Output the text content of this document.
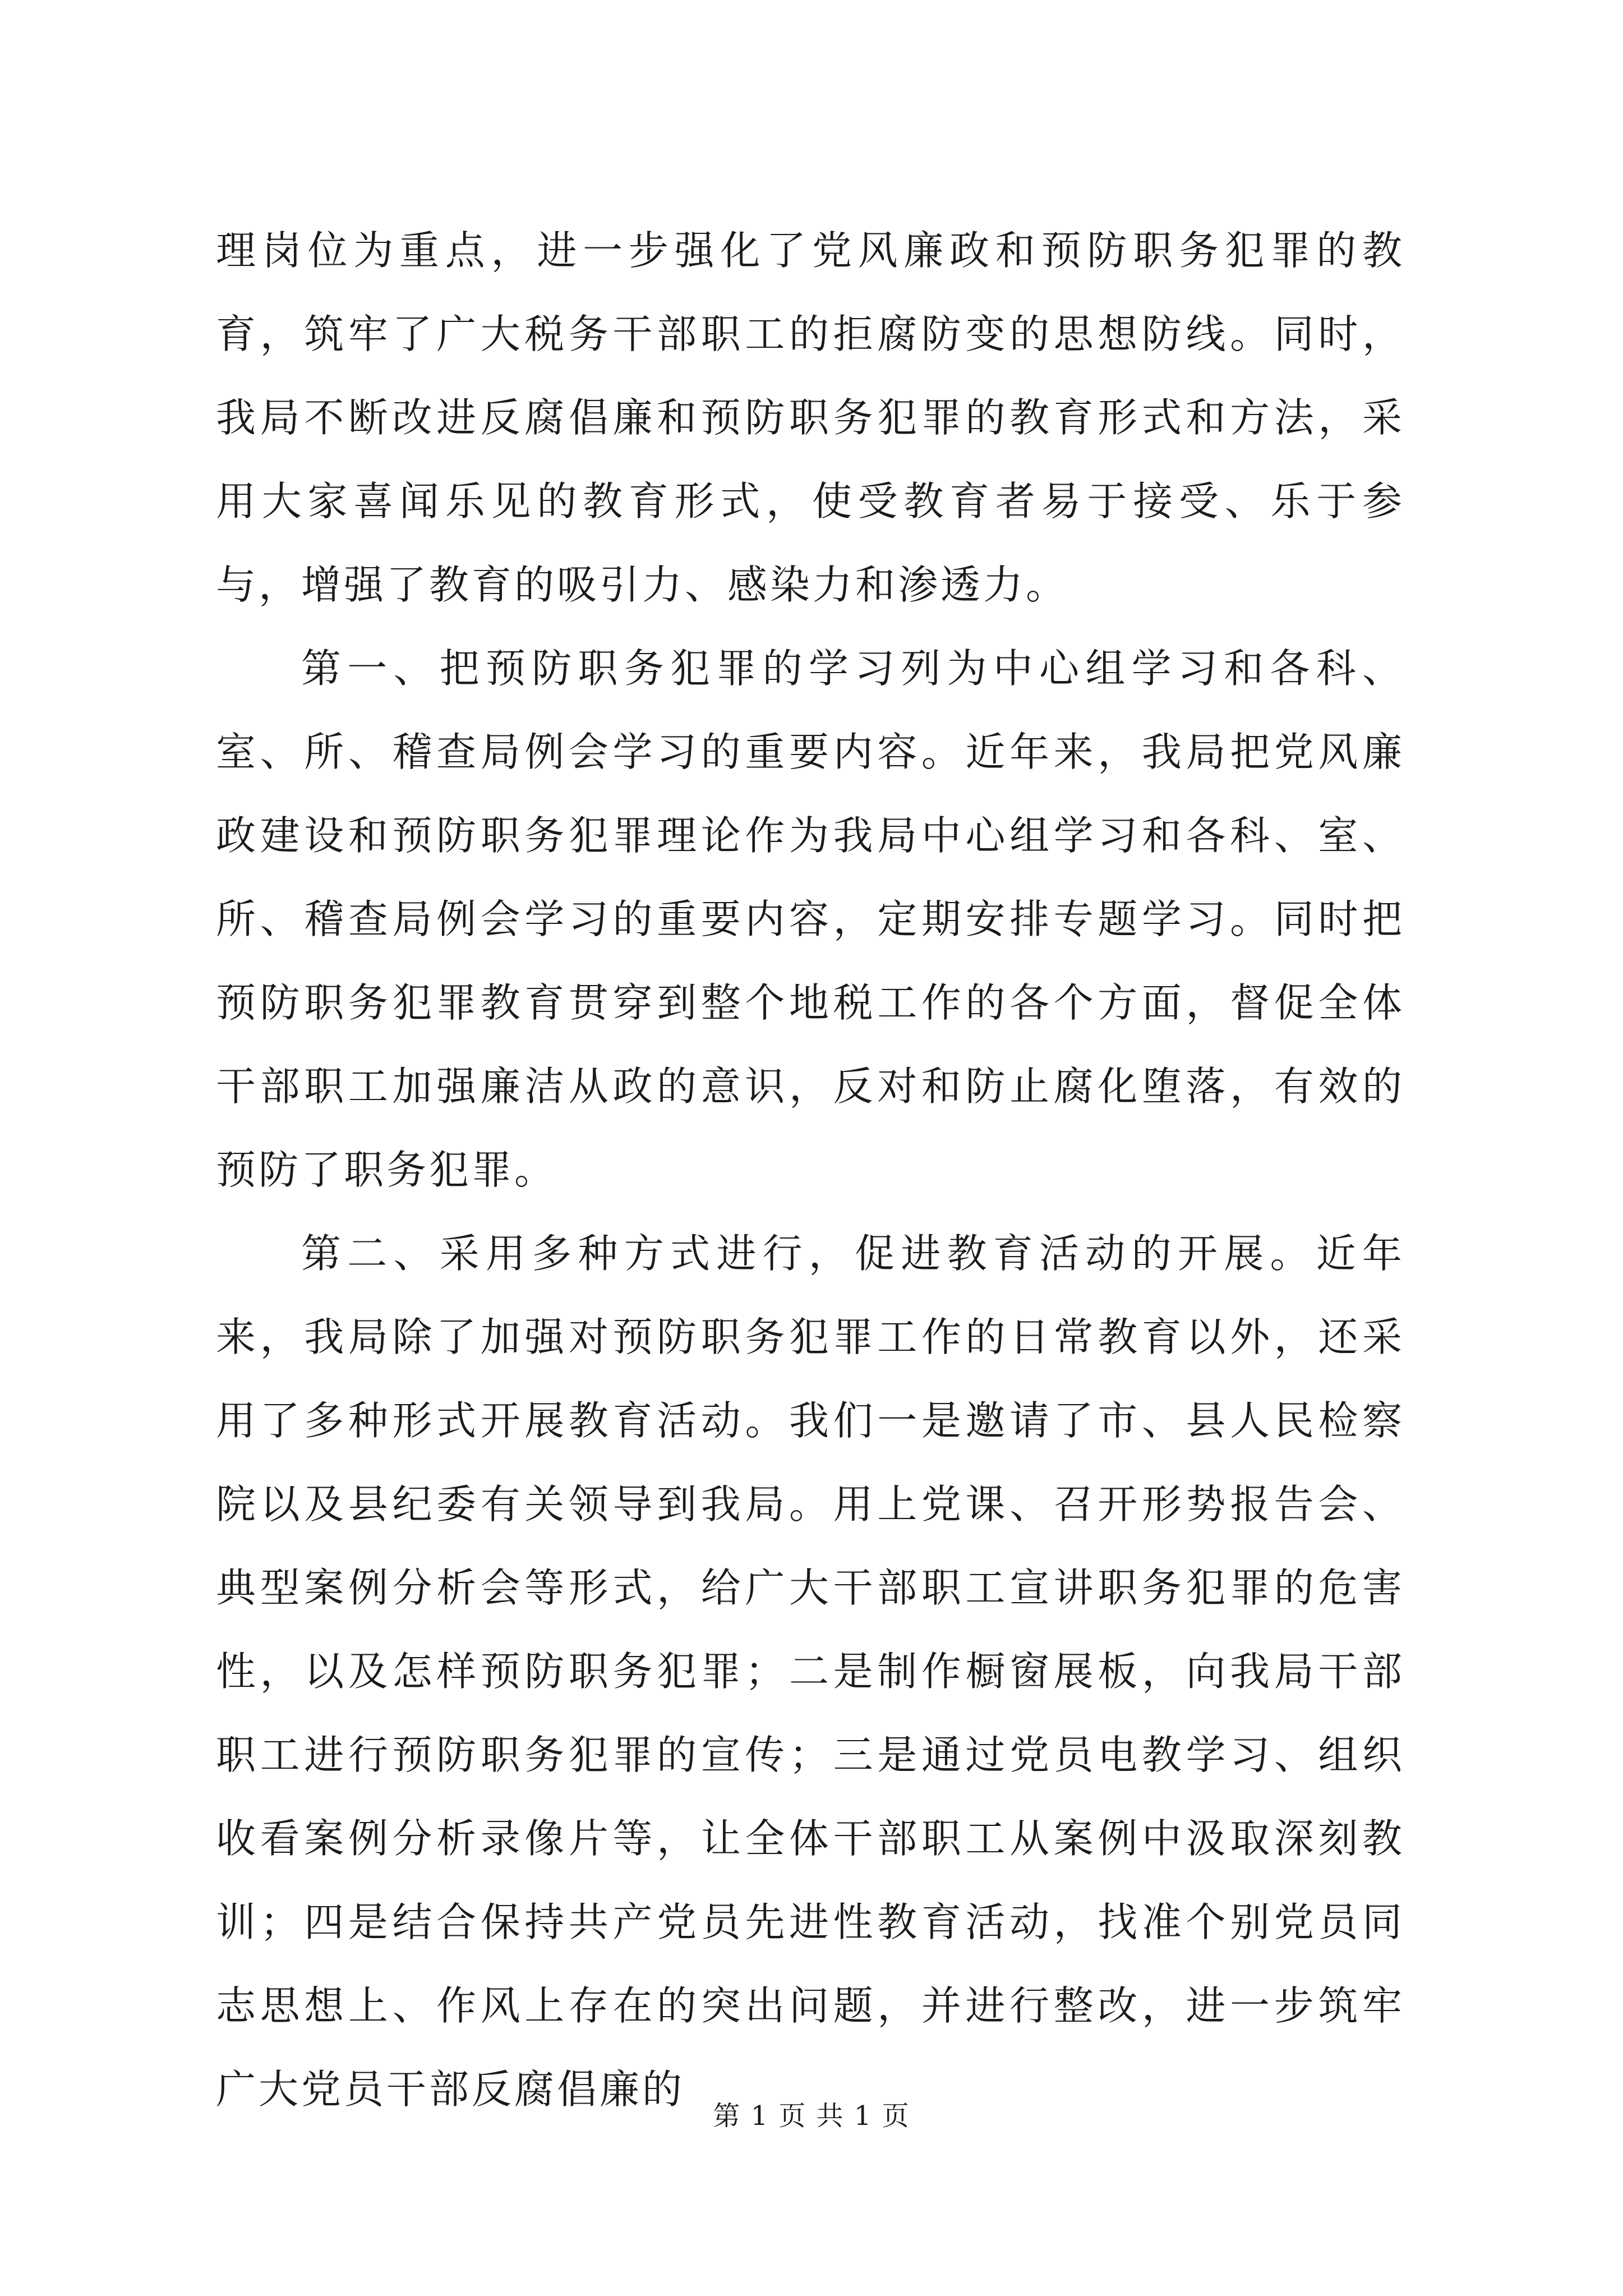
理岗位为重点，进一步强化了党风廉政和预防职务犯罪的教育，筑牢了广大税务干部职工的拒腐防变的思想防线。同时，我局不断改进反腐倡廉和预防职务犯罪的教育形式和方法，采用大家喜闻乐见的教育形式，使受教育者易于接受、乐于参与，增强了教育的吸引力、感染力和渗透力。

第一、把预防职务犯罪的学习列为中心组学习和各科、室、所、稽查局例会学习的重要内容。近年来，我局把党风廉政建设和预防职务犯罪理论作为我局中心组学习和各科、室、所、稽查局例会学习的重要内容，定期安排专题学习。同时把预防职务犯罪教育贯穿到整个地税工作的各个方面，督促全体干部职工加强廉洁从政的意识，反对和防止腐化堕落，有效的预防了职务犯罪。

第二、采用多种方式进行，促进教育活动的开展。近年来，我局除了加强对预防职务犯罪工作的日常教育以外，还采用了多种形式开展教育活动。我们一是邀请了市、县人民检察院以及县纪委有关领导到我局。用上党课、召开形势报告会、典型案例分析会等形式，给广大干部职工宣讲职务犯罪的危害性，以及怎样预防职务犯罪；二是制作橱窗展板，向我局干部职工进行预防职务犯罪的宣传；三是通过党员电教学习、组织收看案例分析录像片等，让全体干部职工从案例中汲取深刻教训；四是结合保持共产党员先进性教育活动，找准个别党员同志思想上、作风上存在的突出问题，并进行整改，进一步筑牢广大党员干部反腐倡廉的

第 1 页 共 1 页
